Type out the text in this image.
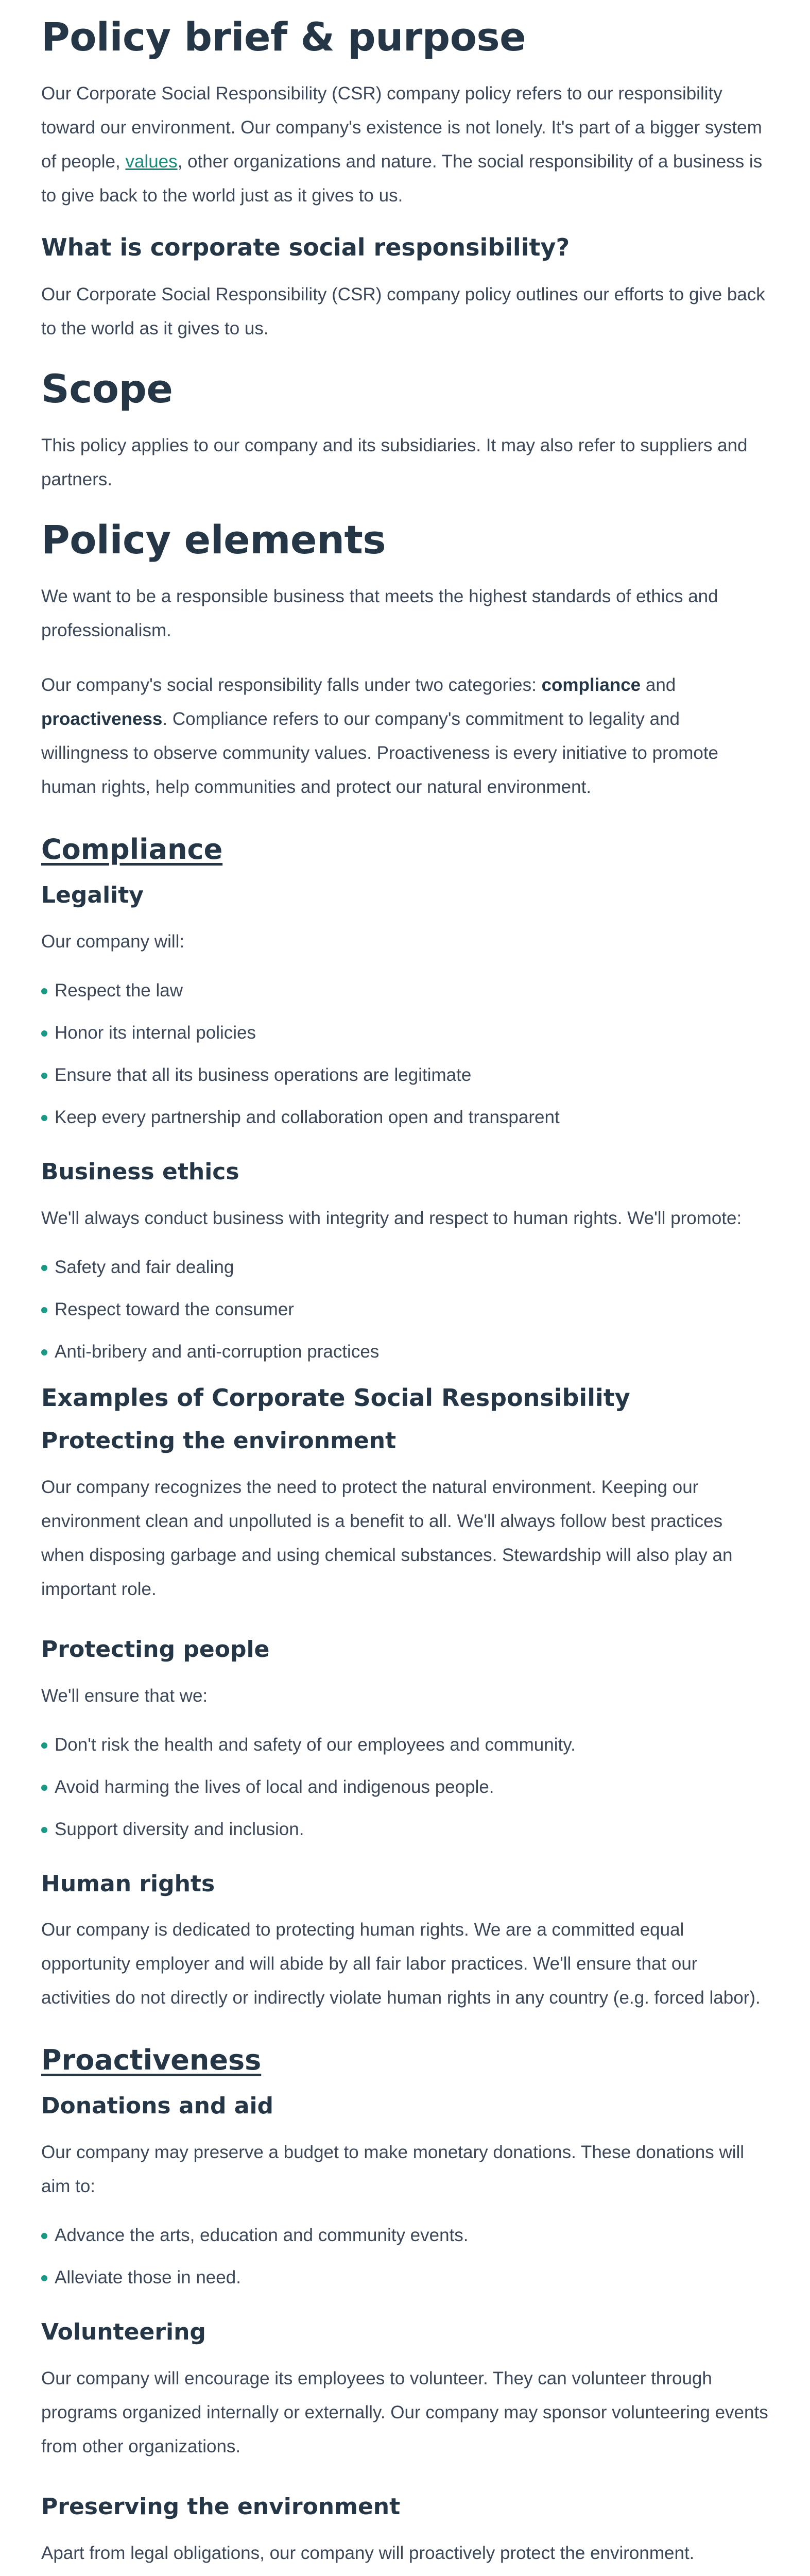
Policy brief & purpose

Our Corporate Social Responsibility (CSR) company policy refers to our responsibility toward our environment. Our company's existence is not lonely. It's part of a bigger system of people, values, other organizations and nature. The social responsibility of a business is to give back to the world just as it gives to us.

What is corporate social responsibility?

Our Corporate Social Responsibility (CSR) company policy outlines our efforts to give back to the world as it gives to us.

Scope

This policy applies to our company and its subsidiaries. It may also refer to suppliers and partners.

Policy elements

We want to be a responsible business that meets the highest standards of ethics and professionalism.

Our company's social responsibility falls under two categories: compliance and proactiveness. Compliance refers to our company's commitment to legality and willingness to observe community values. Proactiveness is every initiative to promote human rights, help communities and protect our natural environment.

Compliance
Legality

Our company will:

Respect the law
Honor its internal policies
Ensure that all its business operations are legitimate
Keep every partnership and collaboration open and transparent
Business ethics

We'll always conduct business with integrity and respect to human rights. We'll promote:

Safety and fair dealing
Respect toward the consumer
Anti-bribery and anti-corruption practices
Examples of Corporate Social Responsibility
Protecting the environment

Our company recognizes the need to protect the natural environment. Keeping our environment clean and unpolluted is a benefit to all. We'll always follow best practices when disposing garbage and using chemical substances. Stewardship will also play an important role.

Protecting people

We'll ensure that we:

Don't risk the health and safety of our employees and community.
Avoid harming the lives of local and indigenous people.
Support diversity and inclusion.
Human rights

Our company is dedicated to protecting human rights. We are a committed equal opportunity employer and will abide by all fair labor practices. We'll ensure that our activities do not directly or indirectly violate human rights in any country (e.g. forced labor).

Proactiveness
Donations and aid

Our company may preserve a budget to make monetary donations. These donations will aim to:

Advance the arts, education and community events.
Alleviate those in need.
Volunteering

Our company will encourage its employees to volunteer. They can volunteer through programs organized internally or externally. Our company may sponsor volunteering events from other organizations.

Preserving the environment

Apart from legal obligations, our company will proactively protect the environment.
